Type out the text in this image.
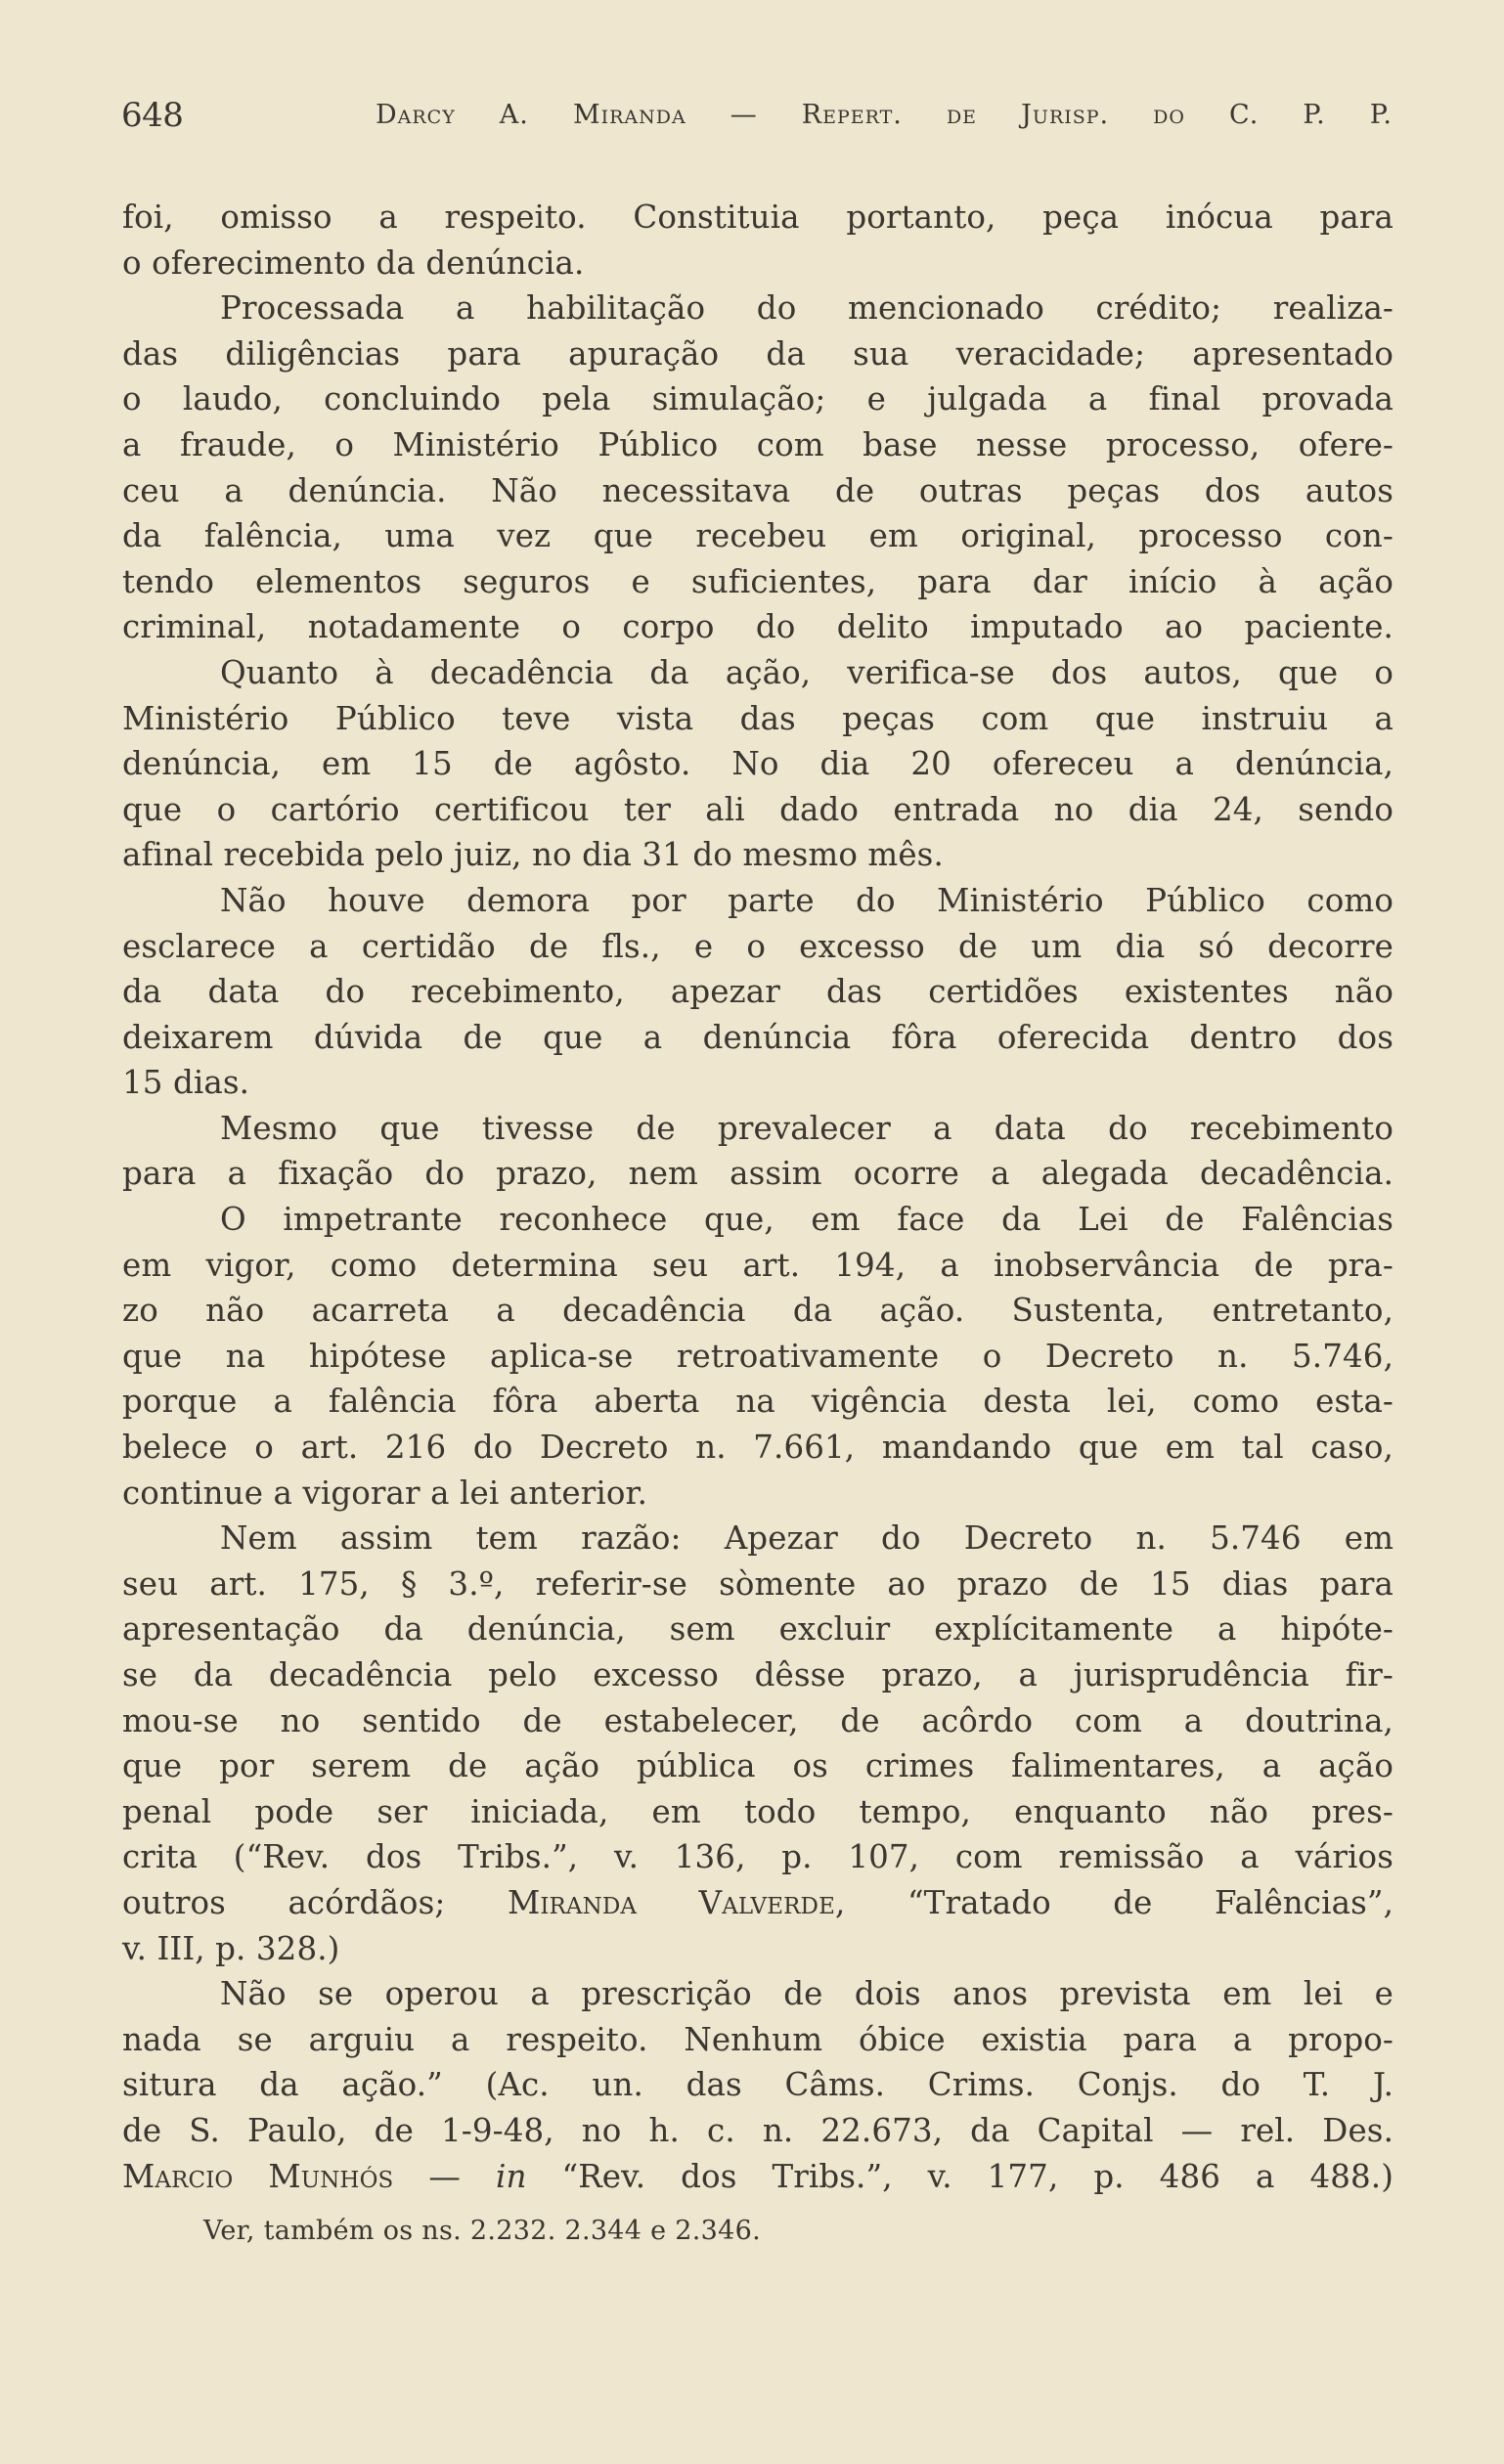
648	Darcy A. Miranda — Repert. de Jurisp. do C. P. P.
foi, omisso a respeito. Constituia portanto, peça inócua para
o oferecimento da denúncia.
Processada a habilitação do mencionado crédito; realiza-
das diligências para apuração da sua veracidade; apresentado
o laudo, concluindo pela simulação; e julgada a final provada
a fraude, o Ministério Público com base nesse processo, ofere-
ceu a denúncia. Não necessitava de outras peças dos autos
da falência, uma vez que recebeu em original, processo con-
tendo elementos seguros e suficientes, para dar início à ação
criminal, notadamente o corpo do delito imputado ao paciente.
Quanto à decadência da ação, verifica-se dos autos, que o
Ministério Público teve vista das peças com que instruiu a
denúncia, em 15 de agôsto. No dia 20 ofereceu a denúncia,
que o cartório certificou ter ali dado entrada no dia 24, sendo
afinal recebida pelo juiz, no dia 31 do mesmo mês.
Não houve demora por parte do Ministério Público como
esclarece a certidão de fls., e o excesso de um dia só decorre
da data do recebimento, apezar das certidões existentes não
deixarem dúvida de que a denúncia fôra oferecida dentro dos
15 dias.
Mesmo que tivesse de prevalecer a data do recebimento
para a fixação do prazo, nem assim ocorre a alegada decadência.
O impetrante reconhece que, em face da Lei de Falências
em vigor, como determina seu art. 194, a inobservância de pra-
zo não acarreta a decadência da ação. Sustenta, entretanto,
que na hipótese aplica-se retroativamente o Decreto n. 5.746,
porque a falência fôra aberta na vigência desta lei, como esta-
belece o art. 216 do Decreto n. 7.661, mandando que em tal caso,
continue a vigorar a lei anterior.
Nem assim tem razão: Apezar do Decreto n. 5.746 em
seu art. 175, § 3.º, referir-se sòmente ao prazo de 15 dias para
apresentação da denúncia, sem excluir explícitamente a hipóte-
se da decadência pelo excesso dêsse prazo, a jurisprudência fir-
mou-se no sentido de estabelecer, de acôrdo com a doutrina,
que por serem de ação pública os crimes falimentares, a ação
penal pode ser iniciada, em todo tempo, enquanto não pres-
crita (“Rev. dos Tribs.”, v. 136, p. 107, com remissão a vários
outros acórdãos; Miranda Valverde, “Tratado de Falências”,
v. III, p. 328.)
Não se operou a prescrição de dois anos prevista em lei e
nada se arguiu a respeito. Nenhum óbice existia para a propo-
situra da ação.” (Ac. un. das Câms. Crims. Conjs. do T. J.
de S. Paulo, de 1-9-48, no h. c. n. 22.673, da Capital — rel. Des.
Marcio Munhós — in “Rev. dos Tribs.”, v. 177, p. 486 a 488.)
Ver, também os ns. 2.232. 2.344 e 2.346.
